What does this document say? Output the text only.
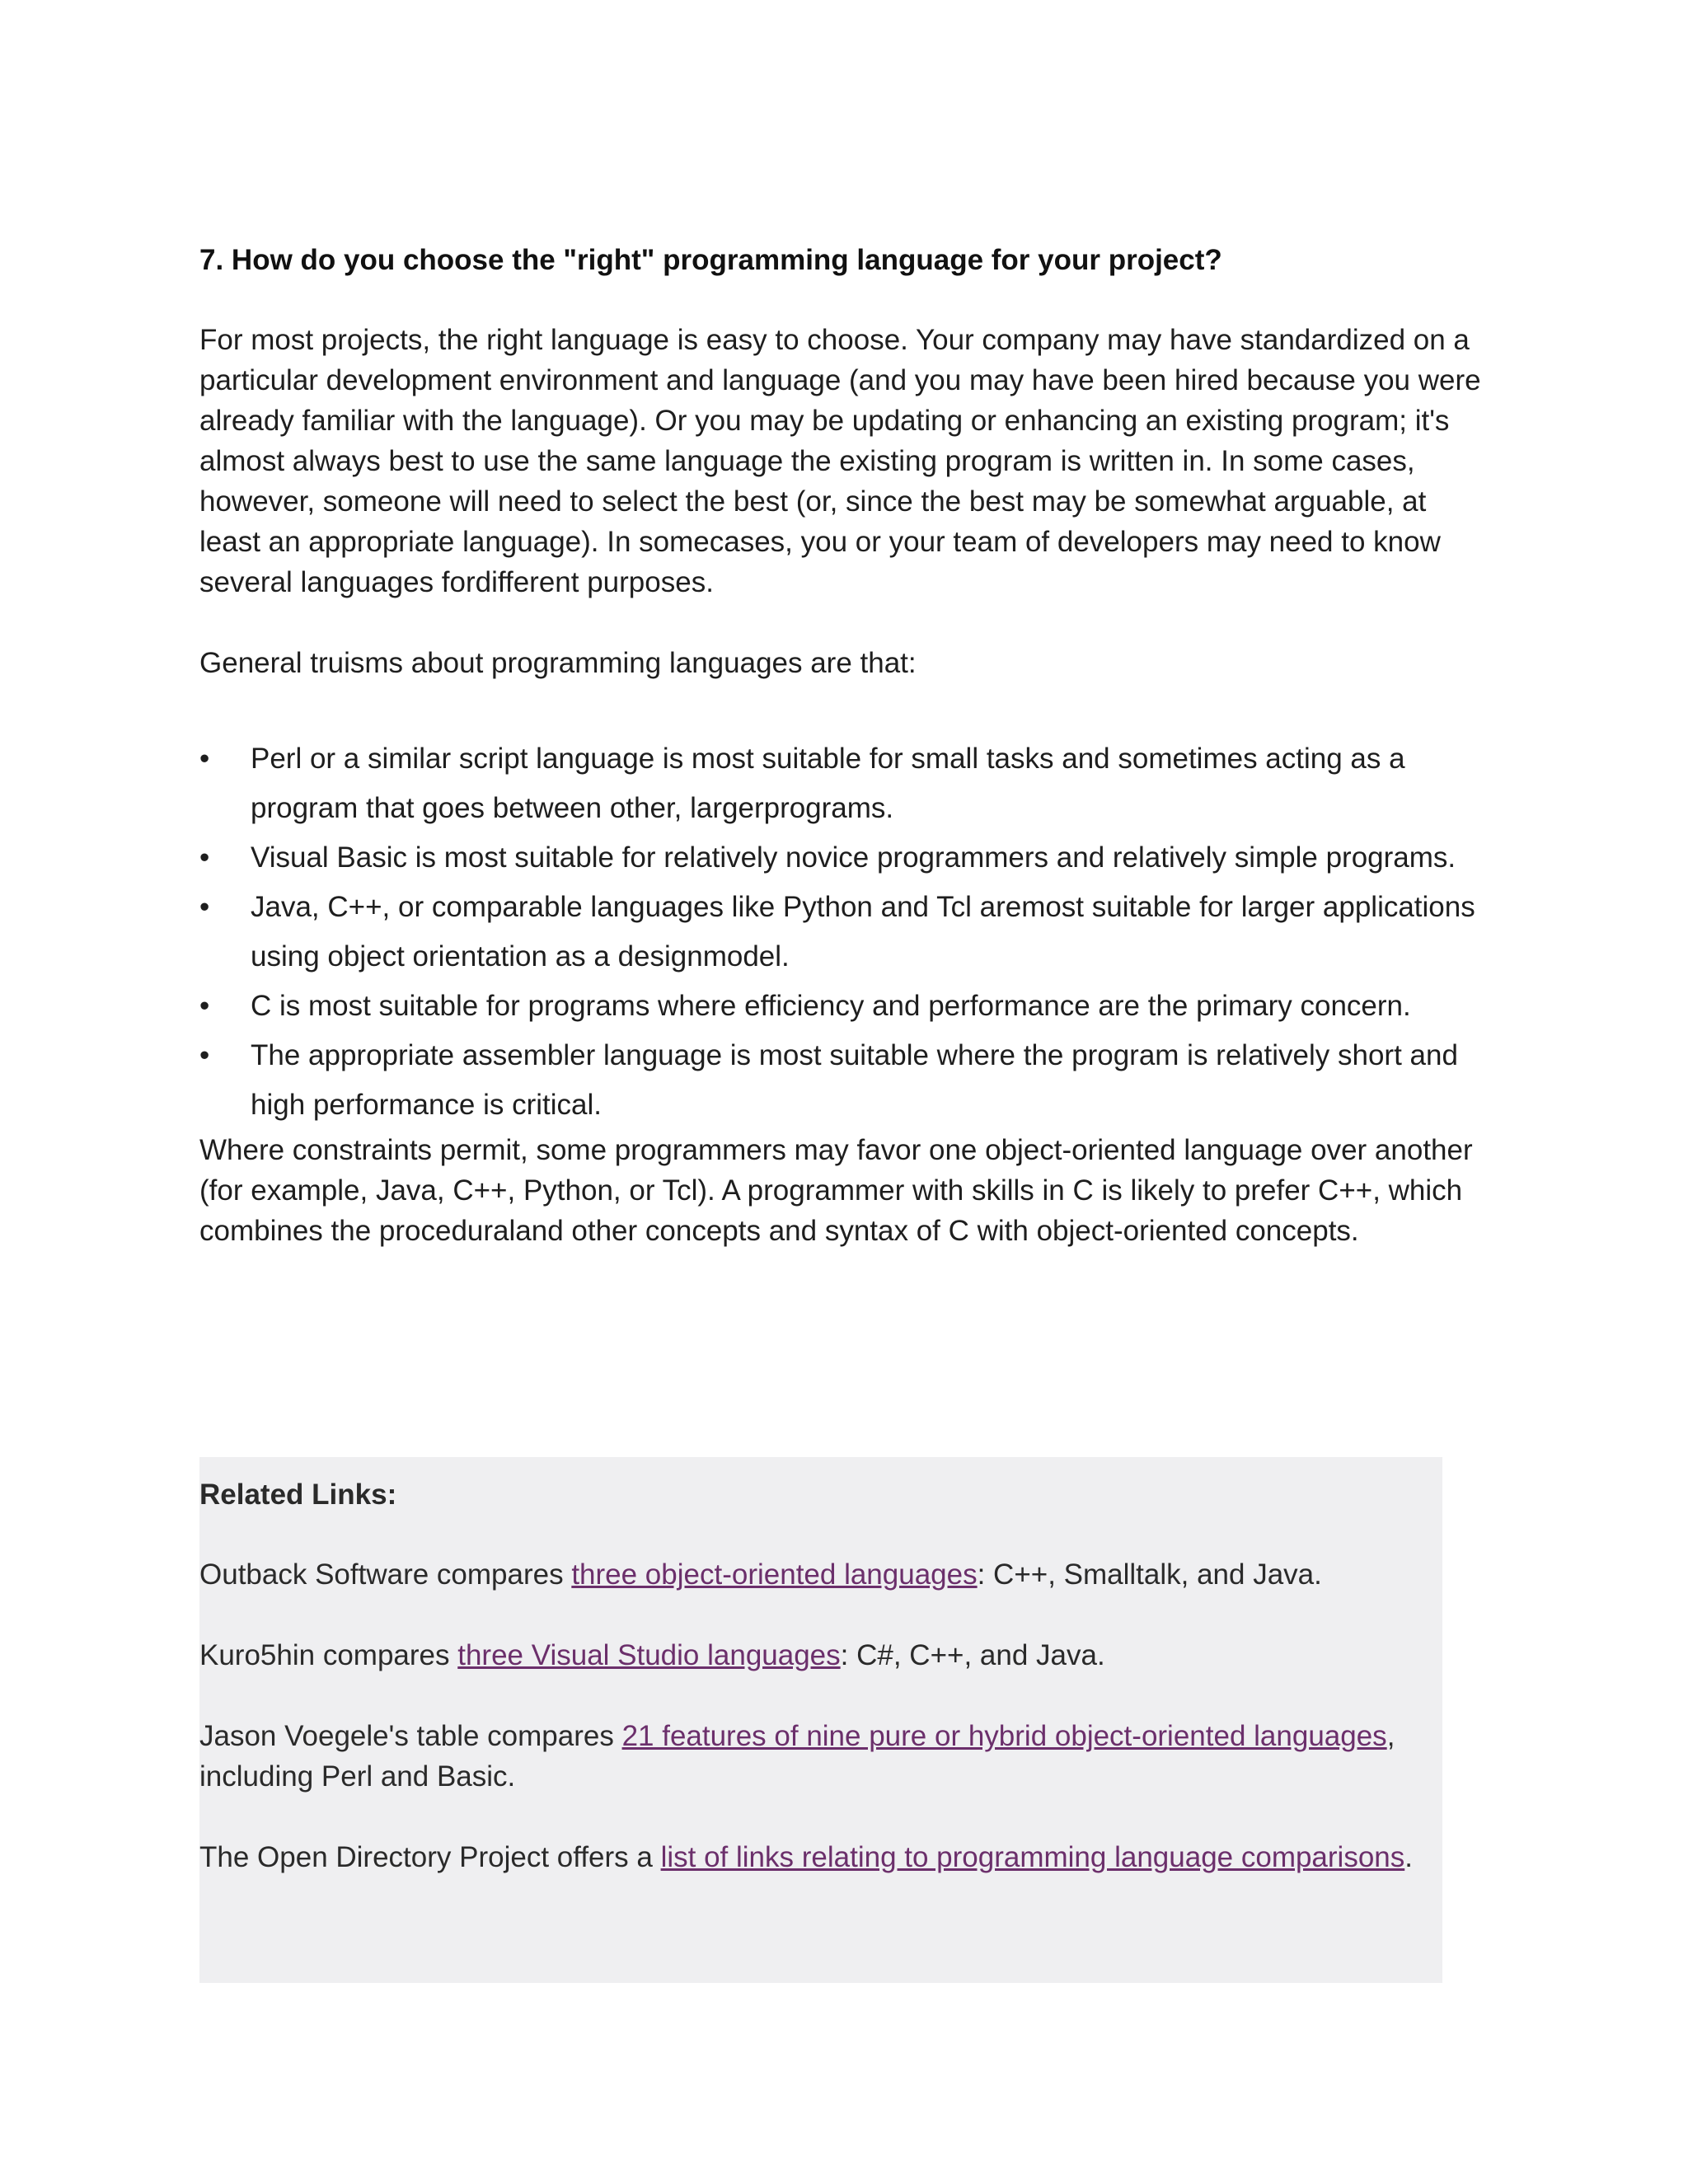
7. How do you choose the "right" programming language for your project?

For most projects, the right language is easy to choose. Your company may have standardized on a particular development environment and language (and you may have been hired because you were already familiar with the language). Or you may be updating or enhancing an existing program; it's almost always best to use the same language the existing program is written in. In some cases, however, someone will need to select the best (or, since the best may be somewhat arguable, at least an appropriate language). In somecases, you or your team of developers may need to know several languages fordifferent purposes.

General truisms about programming languages are that:

• Perl or a similar script language is most suitable for small tasks and sometimes acting as a program that goes between other, largerprograms.
• Visual Basic is most suitable for relatively novice programmers and relatively simple programs.
• Java, C++, or comparable languages like Python and Tcl aremost suitable for larger applications using object orientation as a designmodel.
• C is most suitable for programs where efficiency and performance are the primary concern.
• The appropriate assembler language is most suitable where the program is relatively short and high performance is critical.

Where constraints permit, some programmers may favor one object-oriented language over another (for example, Java, C++, Python, or Tcl). A programmer with skills in C is likely to prefer C++, which combines the proceduraland other concepts and syntax of C with object-oriented concepts.

Related Links:

Outback Software compares three object-oriented languages: C++, Smalltalk, and Java.

Kuro5hin compares three Visual Studio languages: C#, C++, and Java.

Jason Voegele's table compares 21 features of nine pure or hybrid object-oriented languages, including Perl and Basic.

The Open Directory Project offers a list of links relating to programming language comparisons.
